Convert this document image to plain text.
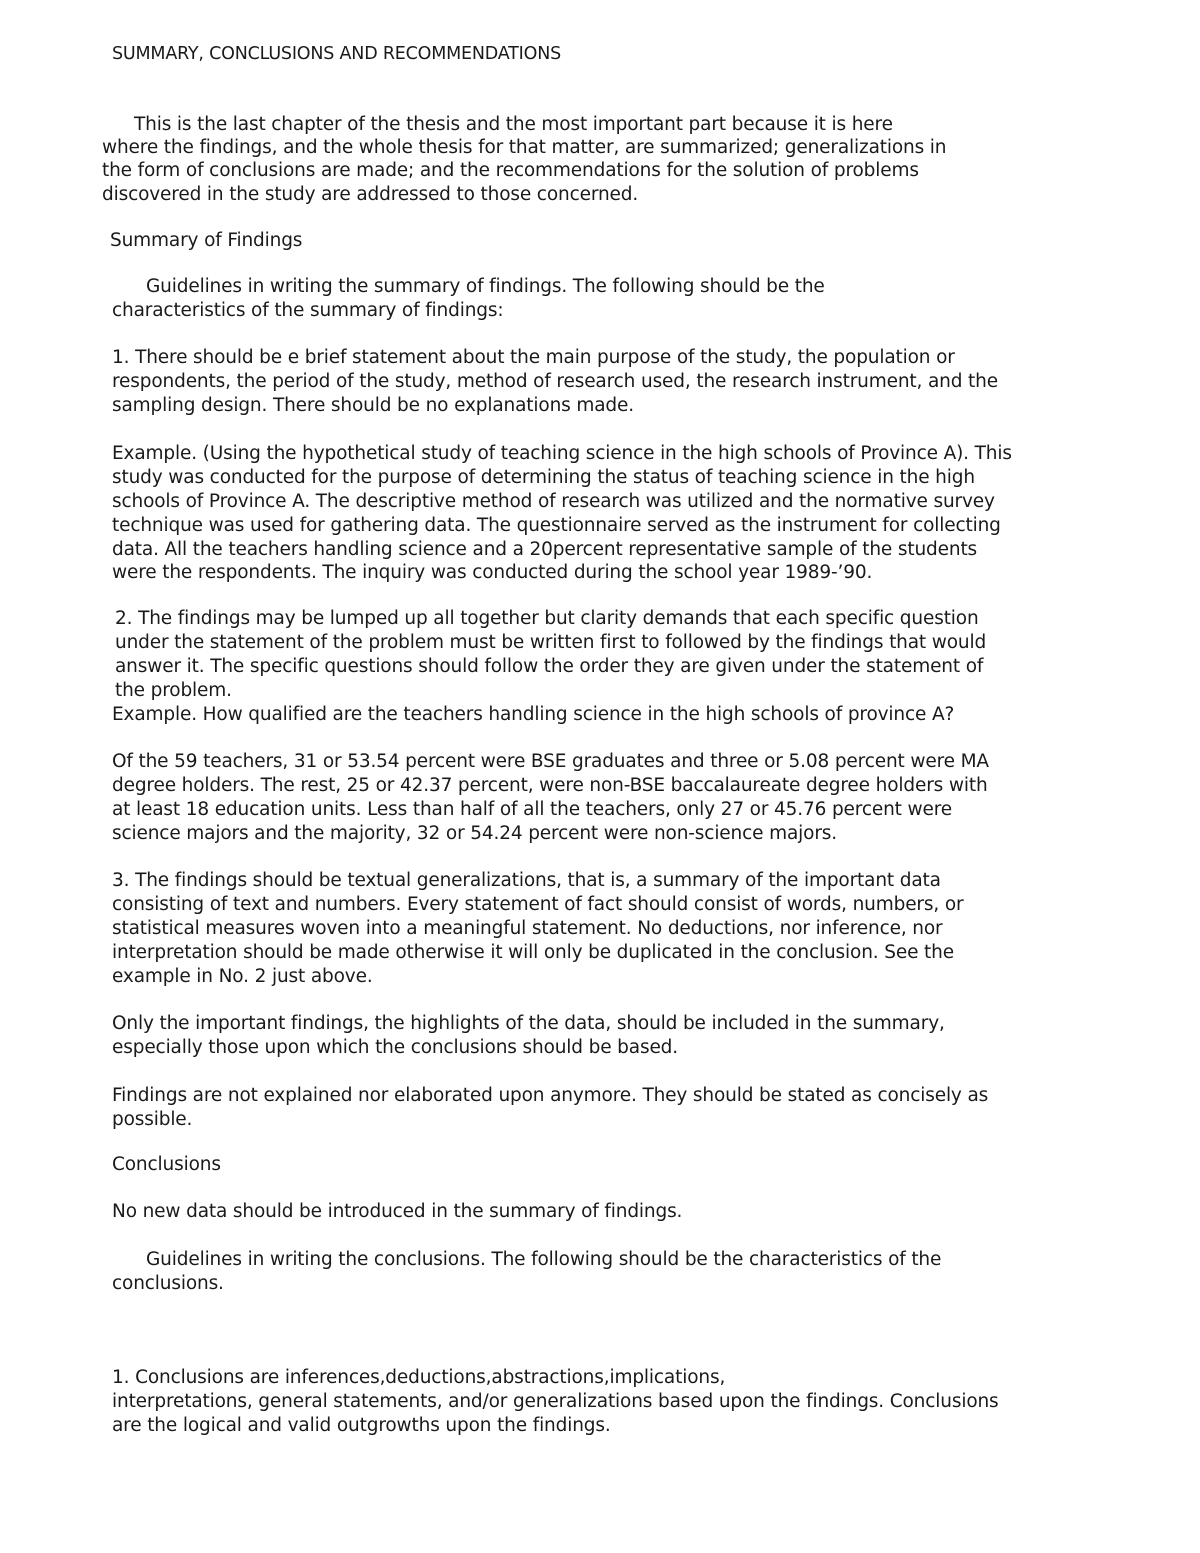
SUMMARY, CONCLUSIONS AND RECOMMENDATIONS

This is the last chapter of the thesis and the most important part because it is here

where the findings, and the whole thesis for that matter, are summarized; generalizations in

the form of conclusions are made; and the recommendations for the solution of problems

discovered in the study are addressed to those concerned.

Summary of Findings

Guidelines in writing the summary of findings. The following should be the

characteristics of the summary of findings:

1. There should be e brief statement about the main purpose of the study, the population or

respondents, the period of the study, method of research used, the research instrument, and the

sampling design. There should be no explanations made.

Example. (Using the hypothetical study of teaching science in the high schools of Province A). This

study was conducted for the purpose of determining the status of teaching science in the high

schools of Province A. The descriptive method of research was utilized and the normative survey

technique was used for gathering data. The questionnaire served as the instrument for collecting

data. All the teachers handling science and a 20percent representative sample of the students

were the respondents. The inquiry was conducted during the school year 1989-’90.

2. The findings may be lumped up all together but clarity demands that each specific question

under the statement of the problem must be written first to followed by the findings that would

answer it. The specific questions should follow the order they are given under the statement of

the problem.

Example. How qualified are the teachers handling science in the high schools of province A?

Of the 59 teachers, 31 or 53.54 percent were BSE graduates and three or 5.08 percent were MA

degree holders. The rest, 25 or 42.37 percent, were non-BSE baccalaureate degree holders with

at least 18 education units. Less than half of all the teachers, only 27 or 45.76 percent were

science majors and the majority, 32 or 54.24 percent were non-science majors.

3. The findings should be textual generalizations, that is, a summary of the important data

consisting of text and numbers. Every statement of fact should consist of words, numbers, or

statistical measures woven into a meaningful statement. No deductions, nor inference, nor

interpretation should be made otherwise it will only be duplicated in the conclusion. See the

example in No. 2 just above.

Only the important findings, the highlights of the data, should be included in the summary,

especially those upon which the conclusions should be based.

Findings are not explained nor elaborated upon anymore. They should be stated as concisely as

possible.

Conclusions

No new data should be introduced in the summary of findings.

Guidelines in writing the conclusions. The following should be the characteristics of the

conclusions.

1. Conclusions are inferences,deductions,abstractions,implications,

interpretations, general statements, and/or generalizations based upon the findings. Conclusions

are the logical and valid outgrowths upon the findings.
